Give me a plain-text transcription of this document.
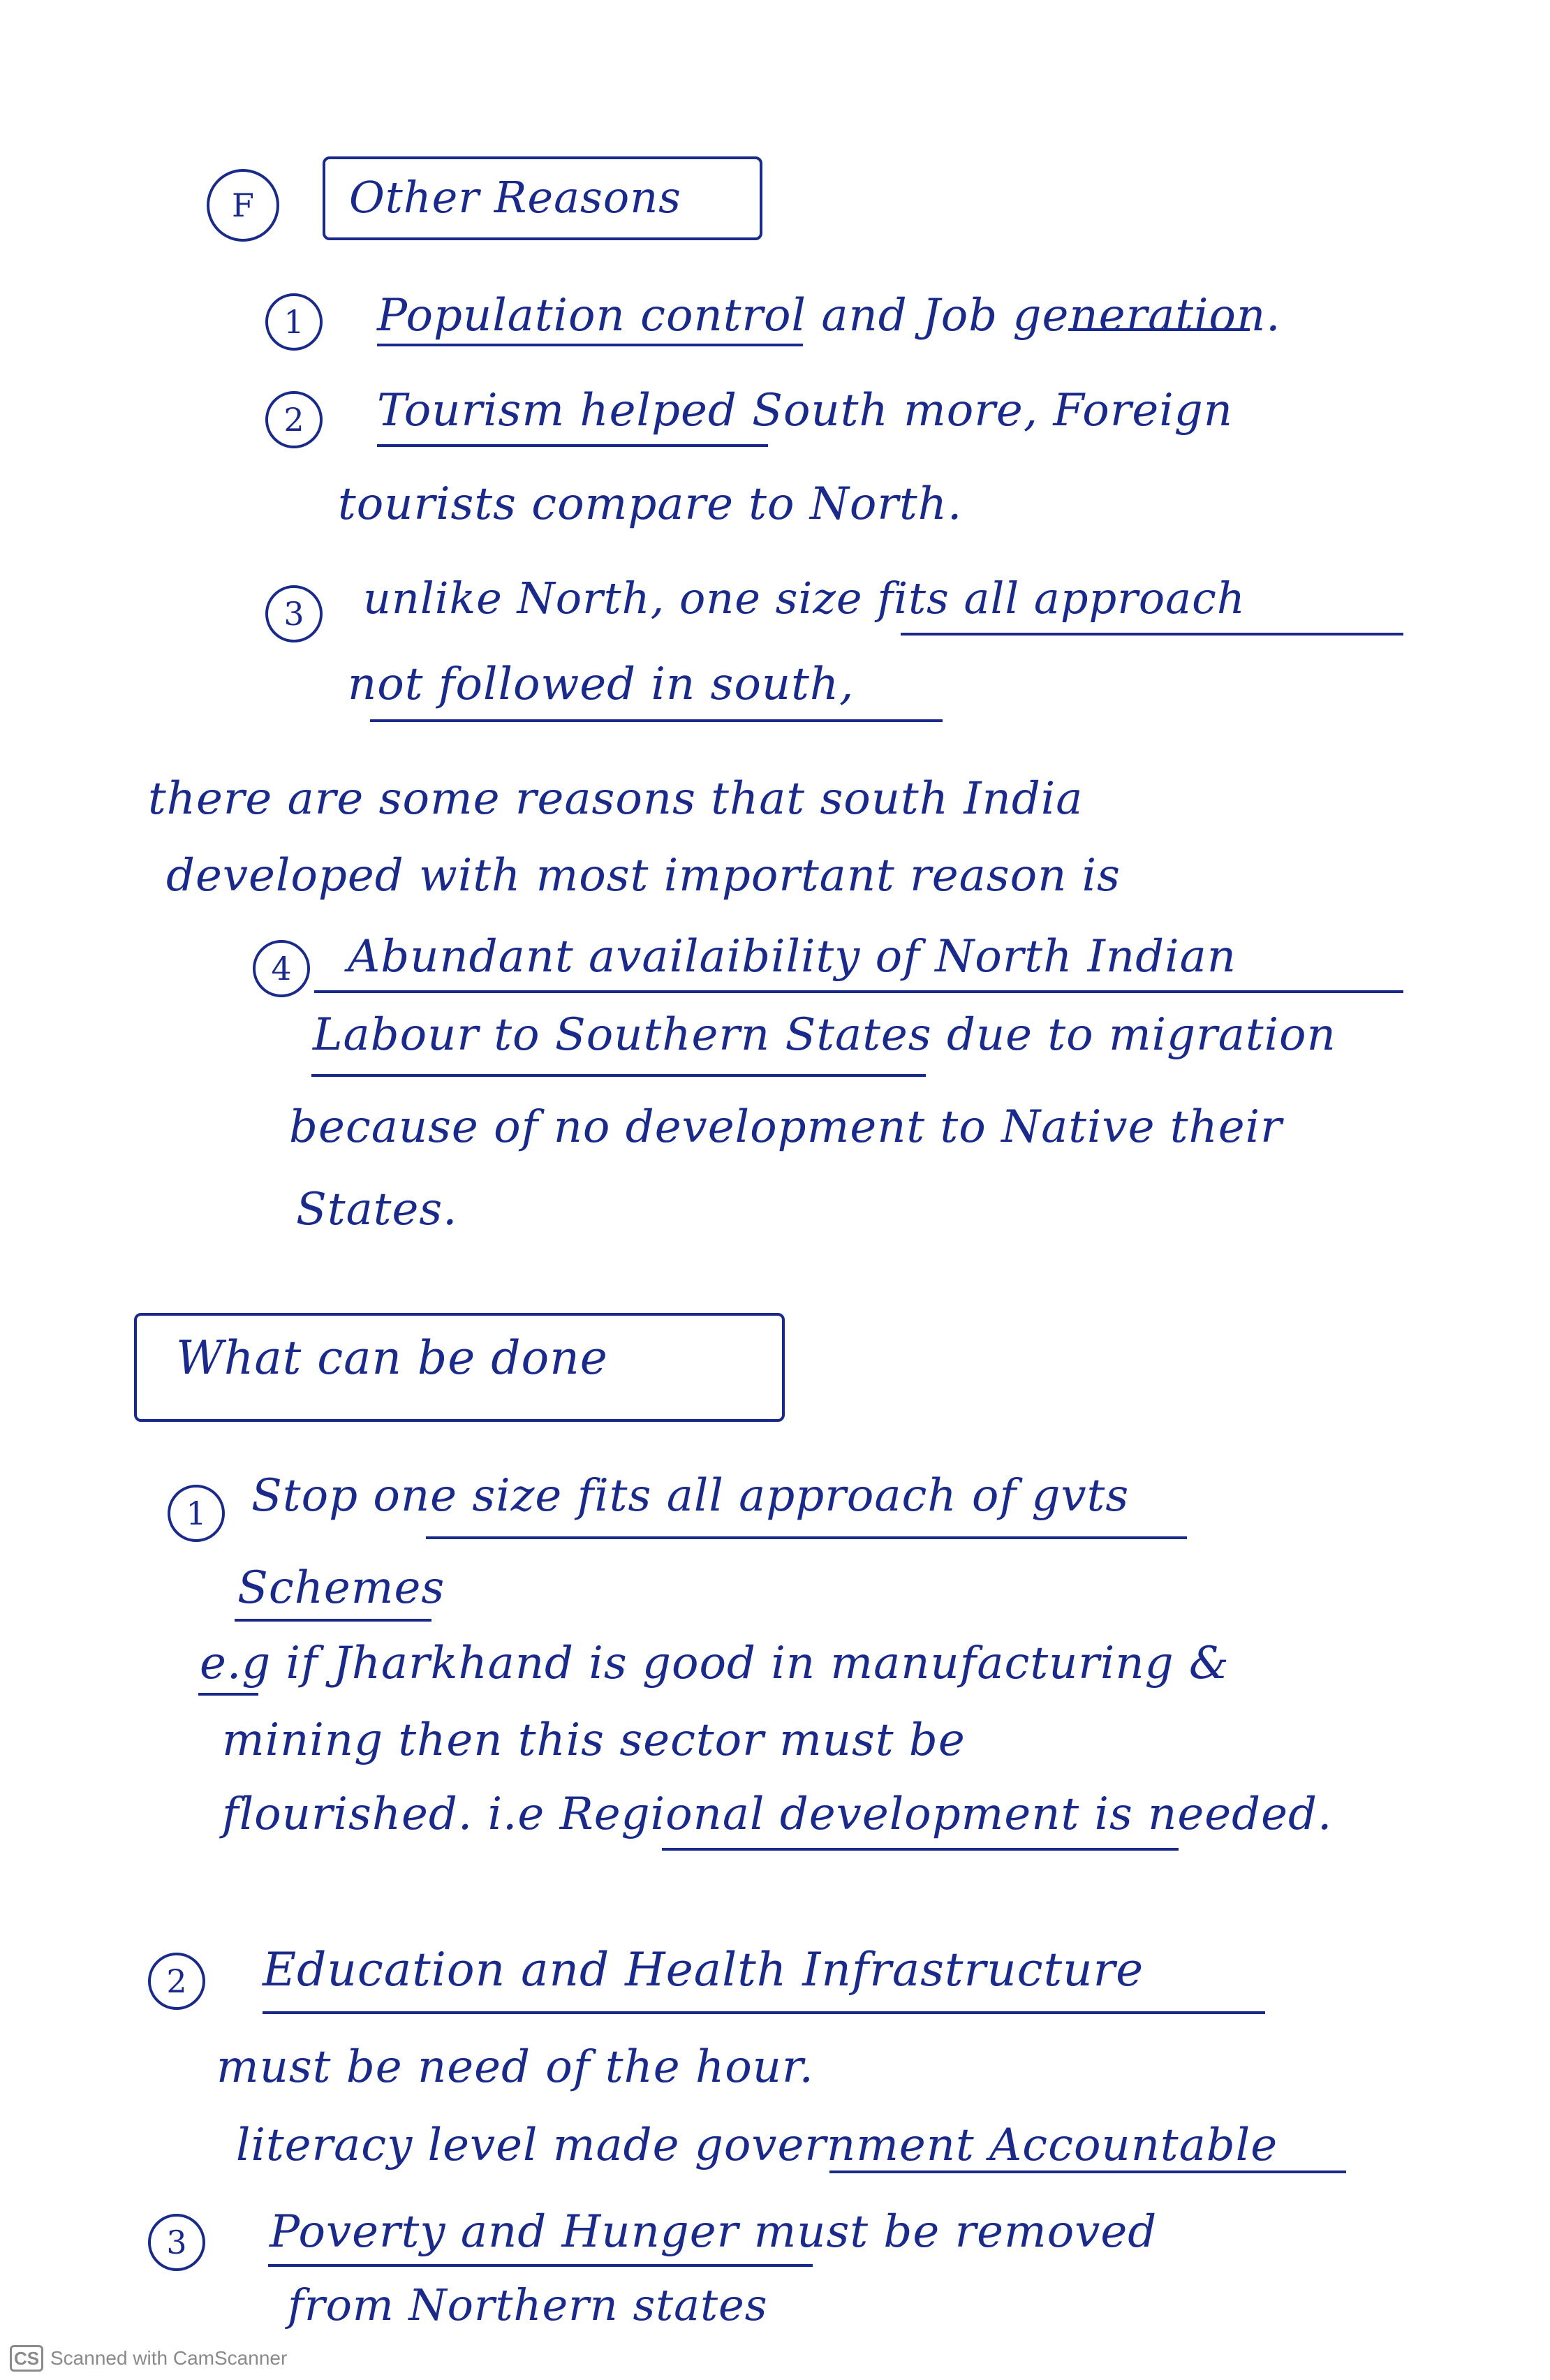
F Other Reasons
1 Population control and Job generation.
2 Tourism helped South more, Foreign
tourists compare to North.
3 unlike North, one size fits all approach
not followed in south,
there are some reasons that south India
developed with most important reason is
4 Abundant availaibility of North Indian
Labour to Southern States due to migration
because of no development to Native their
States.
What can be done
1 Stop one size fits all approach of gvts
Schemes
e.g if Jharkhand is good in manufacturing &
mining then this sector must be
flourished. i.e Regional development is needed.
2 Education and Health Infrastructure
must be need of the hour.
literacy level made government Accountable
3 Poverty and Hunger must be removed
from Northern states
CS Scanned with CamScanner
